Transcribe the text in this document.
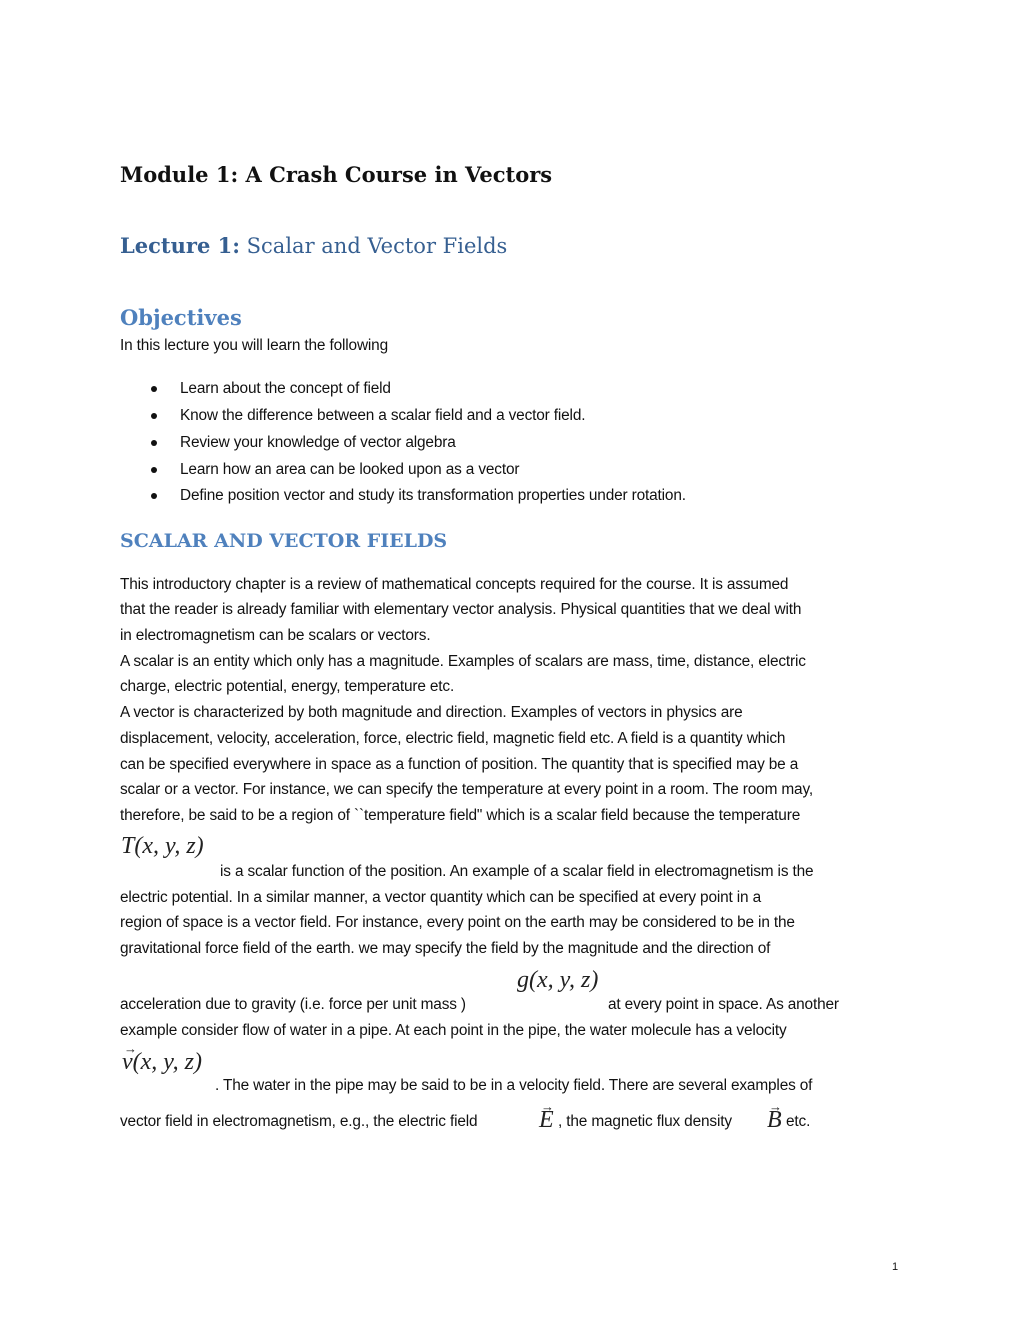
Module 1: A Crash Course in Vectors
Lecture 1: Scalar and Vector Fields
Objectives
In this lecture you will learn the following
Learn about the concept of field
Know the difference between a scalar field and a vector field.
Review your knowledge of vector algebra
Learn how an area can be looked upon as a vector
Define position vector and study its transformation properties under rotation.
SCALAR AND VECTOR FIELDS
This introductory chapter is a review of mathematical concepts required for the course. It is assumed
that the reader is already familiar with elementary vector analysis. Physical quantities that we deal with
in electromagnetism can be scalars or vectors.
A scalar is an entity which only has a magnitude. Examples of scalars are mass, time, distance, electric
charge, electric potential, energy, temperature etc.
A vector is characterized by both magnitude and direction. Examples of vectors in physics are
displacement, velocity, acceleration, force, electric field, magnetic field etc. A field is a quantity which
can be specified everywhere in space as a function of position. The quantity that is specified may be a
scalar or a vector. For instance, we can specify the temperature at every point in a room. The room may,
therefore, be said to be a region of ``temperature field" which is a scalar field because the temperature
T(x, y, z)
is a scalar function of the position. An example of a scalar field in electromagnetism is the
electric potential. In a similar manner, a vector quantity which can be specified at every point in a
region of space is a vector field. For instance, every point on the earth may be considered to be in the
gravitational force field of the earth. we may specify the field by the magnitude and the direction of
g(x, y, z)
acceleration due to gravity (i.e. force per unit mass )	at every point in space. As another
example consider flow of water in a pipe. At each point in the pipe, the water molecule has a velocity
→ v(x, y, z)
. The water in the pipe may be said to be in a velocity field. There are several examples of
vector field in electromagnetism, e.g., the electric field	→ E , the magnetic flux density → B etc.
1
